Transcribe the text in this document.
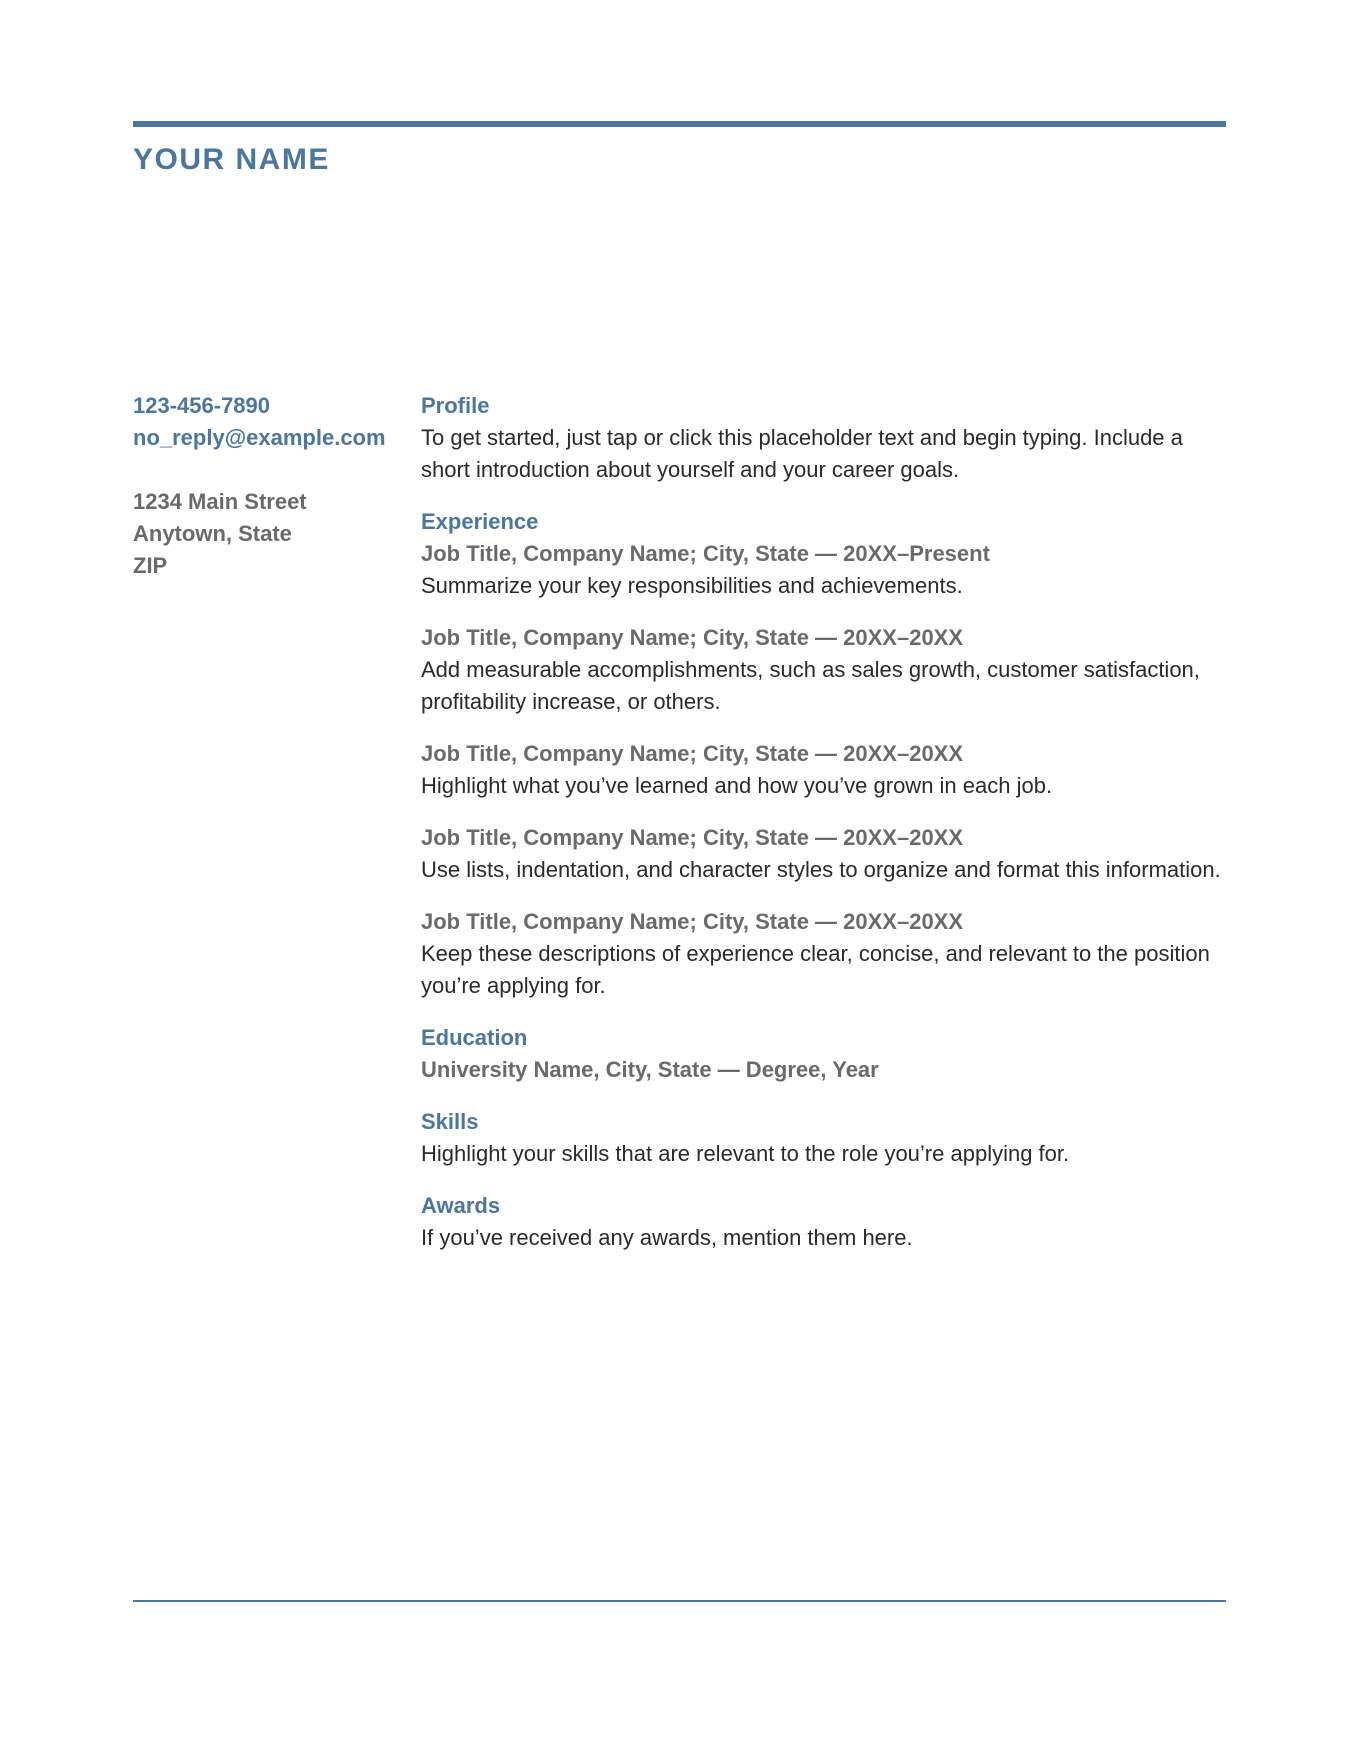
YOUR NAME
123-456-7890
no_reply@example.com
1234 Main Street
Anytown, State
ZIP
Profile
To get started, just tap or click this placeholder text and begin typing. Include a short introduction about yourself and your career goals.
Experience
Job Title, Company Name; City, State — 20XX–Present
Summarize your key responsibilities and achievements.
Job Title, Company Name; City, State — 20XX–20XX
Add measurable accomplishments, such as sales growth, customer satisfaction, profitability increase, or others.
Job Title, Company Name; City, State — 20XX–20XX
Highlight what you’ve learned and how you’ve grown in each job.
Job Title, Company Name; City, State — 20XX–20XX
Use lists, indentation, and character styles to organize and format this information.
Job Title, Company Name; City, State — 20XX–20XX
Keep these descriptions of experience clear, concise, and relevant to the position you’re applying for.
Education
University Name, City, State — Degree, Year
Skills
Highlight your skills that are relevant to the role you’re applying for.
Awards
If you’ve received any awards, mention them here.
